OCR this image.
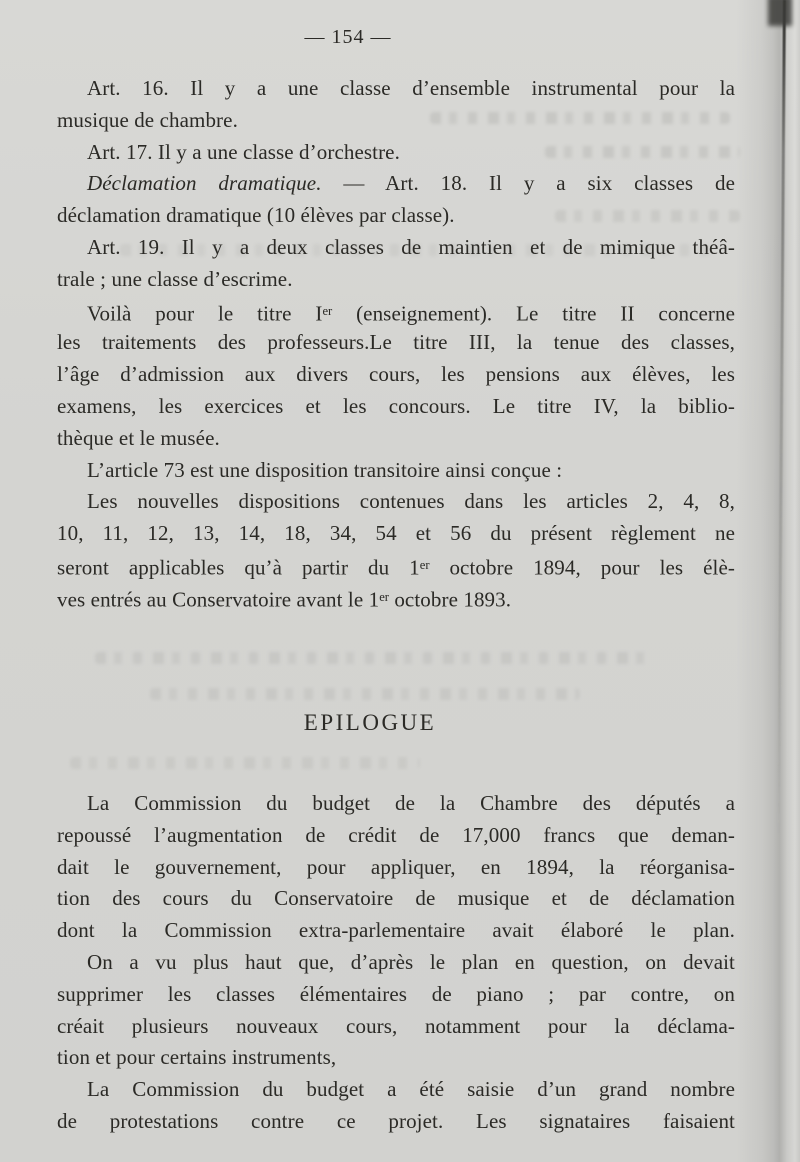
— 154 —
Art. 16. Il y a une classe d’ensemble instrumental pour la
musique de chambre.
Art. 17. Il y a une classe d’orchestre.
Déclamation dramatique. — Art. 18. Il y a six classes de
déclamation dramatique (10 élèves par classe).
Art. 19. Il y a deux classes de maintien et de mimique théâ-
trale ; une classe d’escrime.
Voilà pour le titre Ier (enseignement). Le titre II concerne
les traitements des professeurs.Le titre III, la tenue des classes,
l’âge d’admission aux divers cours, les pensions aux élèves, les
examens, les exercices et les concours. Le titre IV, la biblio-
thèque et le musée.
L’article 73 est une disposition transitoire ainsi conçue :
Les nouvelles dispositions contenues dans les articles 2, 4, 8,
10, 11, 12, 13, 14, 18, 34, 54 et 56 du présent règlement ne
seront applicables qu’à partir du 1er octobre 1894, pour les élè-
ves entrés au Conservatoire avant le 1er octobre 1893.
EPILOGUE
La Commission du budget de la Chambre des députés a
repoussé l’augmentation de crédit de 17,000 francs que deman-
dait le gouvernement, pour appliquer, en 1894, la réorganisa-
tion des cours du Conservatoire de musique et de déclamation
dont la Commission extra-parlementaire avait élaboré le plan.
On a vu plus haut que, d’après le plan en question, on devait
supprimer les classes élémentaires de piano ; par contre, on
créait plusieurs nouveaux cours, notamment pour la déclama-
tion et pour certains instruments,
La Commission du budget a été saisie d’un grand nombre
de protestations contre ce projet. Les signataires faisaient
